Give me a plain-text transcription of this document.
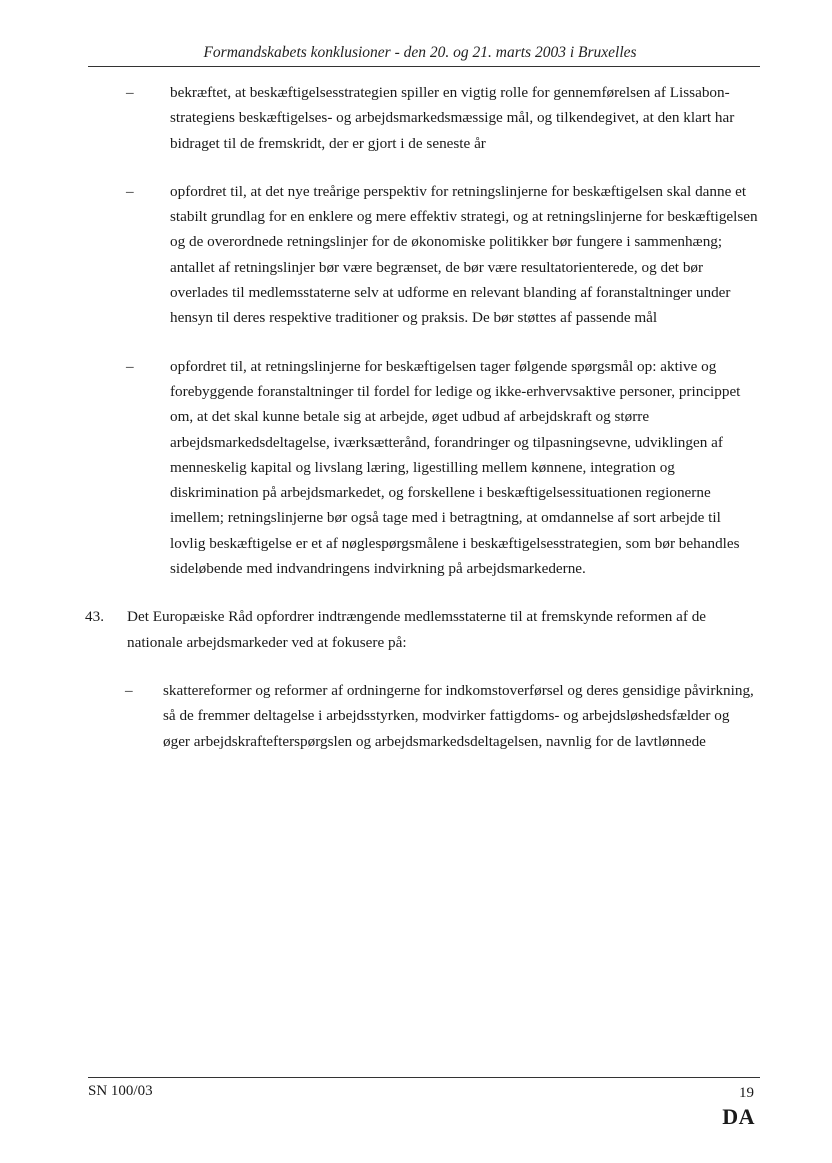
Formandskabets konklusioner - den 20. og 21. marts 2003 i Bruxelles
– bekræftet, at beskæftigelsesstrategien spiller en vigtig rolle for gennemførelsen af Lissabon-strategiens beskæftigelses- og arbejdsmarkedsmæssige mål, og tilkendegivet, at den klart har bidraget til de fremskridt, der er gjort i de seneste år
– opfordret til, at det nye treårige perspektiv for retningslinjerne for beskæftigelsen skal danne et stabilt grundlag for en enklere og mere effektiv strategi, og at retningslinjerne for beskæftigelsen og de overordnede retningslinjer for de økonomiske politikker bør fungere i sammenhæng; antallet af retningslinjer bør være begrænset, de bør være resultatorienterede, og det bør overlades til medlemsstaterne selv at udforme en relevant blanding af foranstaltninger under hensyn til deres respektive traditioner og praksis. De bør støttes af passende mål
– opfordret til, at retningslinjerne for beskæftigelsen tager følgende spørgsmål op: aktive og forebyggende foranstaltninger til fordel for ledige og ikke-erhvervsaktive personer, princippet om, at det skal kunne betale sig at arbejde, øget udbud af arbejdskraft og større arbejdsmarkedsdeltagelse, iværksætterånd, forandringer og tilpasningsevne, udviklingen af menneskelig kapital og livslang læring, ligestilling mellem kønnene, integration og diskrimination på arbejdsmarkedet, og forskellene i beskæftigelsessituationen regionerne imellem; retningslinjerne bør også tage med i betragtning, at omdannelse af sort arbejde til lovlig beskæftigelse er et af nøglespørgsmålene i beskæftigelsesstrategien, som bør behandles sideløbende med indvandringens indvirkning på arbejdsmarkederne.
43. Det Europæiske Råd opfordrer indtrængende medlemsstaterne til at fremskynde reformen af de nationale arbejdsmarkeder ved at fokusere på:
– skattereformer og reformer af ordningerne for indkomstoverførsel og deres gensidige påvirkning, så de fremmer deltagelse i arbejdsstyrken, modvirker fattigdoms- og arbejdsløshedsfælder og øger arbejdskraftefterspørgslen og arbejdsmarkedsdeltagelsen, navnlig for de lavtlønnede
SN 100/03	19
DA
